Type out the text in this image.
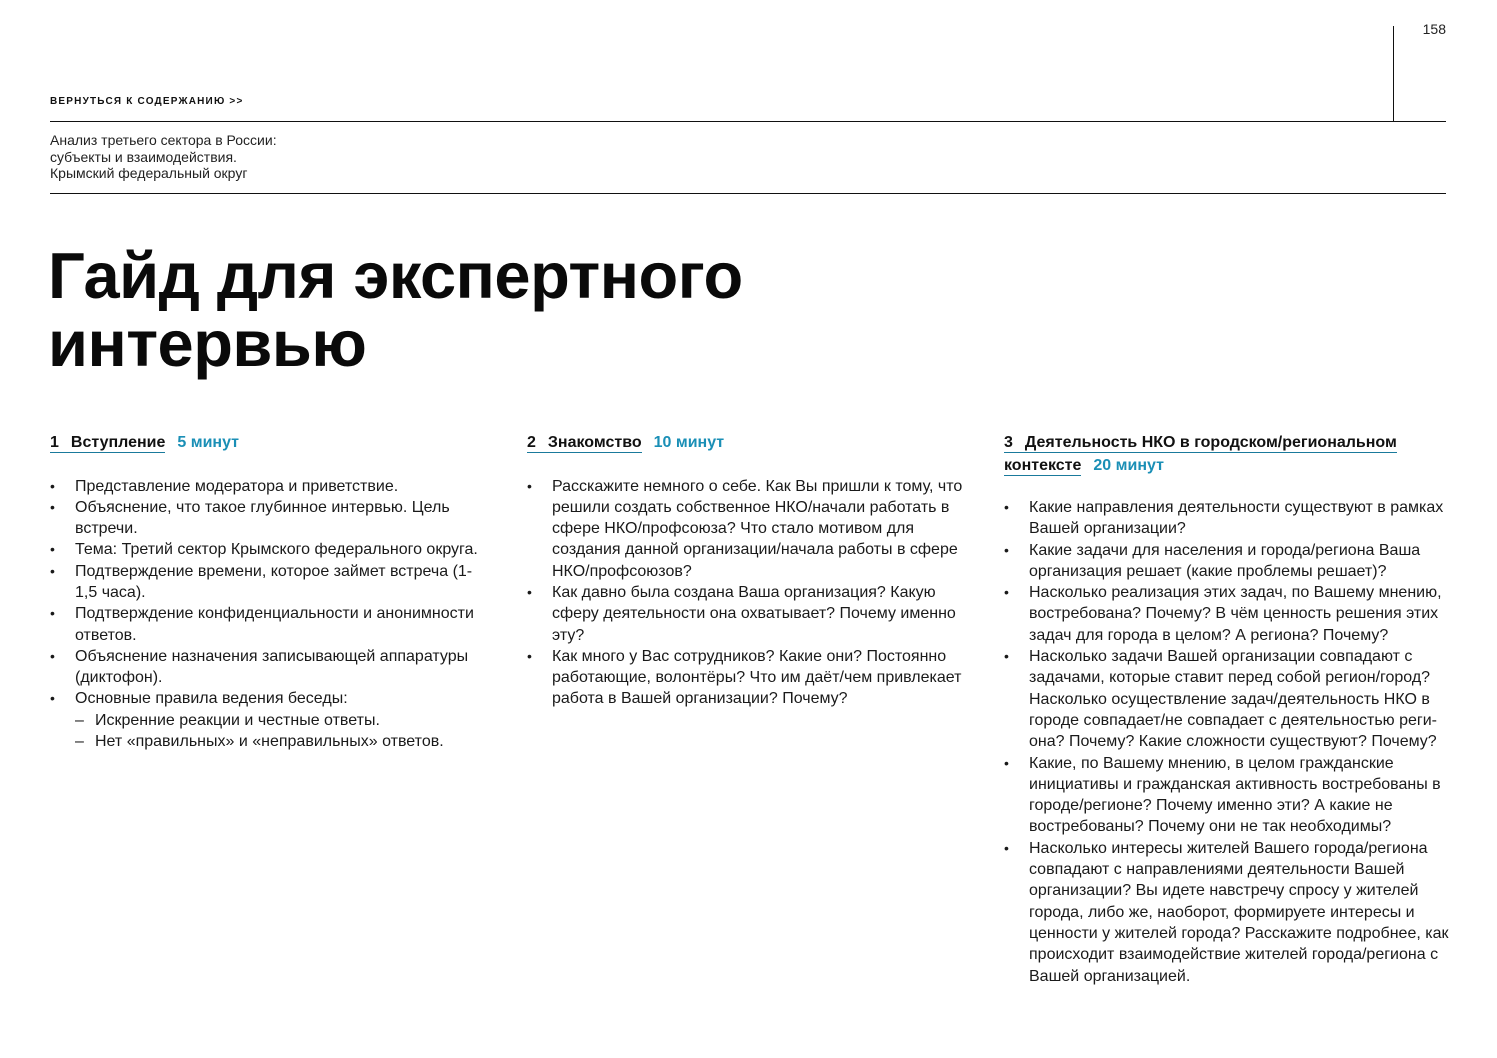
158
ВЕРНУТЬСЯ К СОДЕРЖАНИЮ >>
Анализ третьего сектора в России:
субъекты и взаимодействия.
Крымский федеральный округ
Гайд для экспертного
интервью
1 Вступление 5 минут
• Представление модератора и приветствие.
• Объяснение, что такое глубинное интервью. Цель встречи.
• Тема: Третий сектор Крымского федерального округа.
• Подтверждение времени, которое займет встреча (1-1,5 часа).
• Подтверждение конфиденциальности и анонимности ответов.
• Объяснение назначения записывающей аппаратуры (диктофон).
• Основные правила ведения беседы:
– Искренние реакции и честные ответы.
– Нет «правильных» и «неправильных» ответов.
2 Знакомство 10 минут
• Расскажите немного о себе. Как Вы пришли к тому, что решили создать собственное НКО/начали работать в сфере НКО/профсоюза? Что стало мотивом для создания данной организации/начала работы в сфере НКО/профсоюзов?
• Как давно была создана Ваша организация? Какую сферу деятельности она охватывает? Почему именно эту?
• Как много у Вас сотрудников? Какие они? Постоянно работающие, волонтёры? Что им даёт/чем привлекает работа в Вашей организации? Почему?
3 Деятельность НКО в городском/региональном
контексте 20 минут
• Какие направления деятельности существуют в рамках Вашей организации?
• Какие задачи для населения и города/региона Ваша организация решает (какие проблемы решает)?
• Насколько реализация этих задач, по Вашему мнению, востребована? Почему? В чём ценность решения этих задач для города в целом? А региона? Почему?
• Насколько задачи Вашей организации совпадают с задачами, которые ставит перед собой регион/город? Насколько осуществление задач/деятельность НКО в городе совпадает/не совпадает с деятельностью региона? Почему? Какие сложности существуют? Почему?
• Какие, по Вашему мнению, в целом гражданские инициативы и гражданская активность востребованы в городе/регионе? Почему именно эти? А какие не востребованы? Почему они не так необходимы?
• Насколько интересы жителей Вашего города/региона совпадают с направлениями деятельности Вашей организации? Вы идете навстречу спросу у жителей города, либо же, наоборот, формируете интересы и ценности у жителей города? Расскажите подробнее, как происходит взаимодействие жителей города/региона с Вашей организацией.
